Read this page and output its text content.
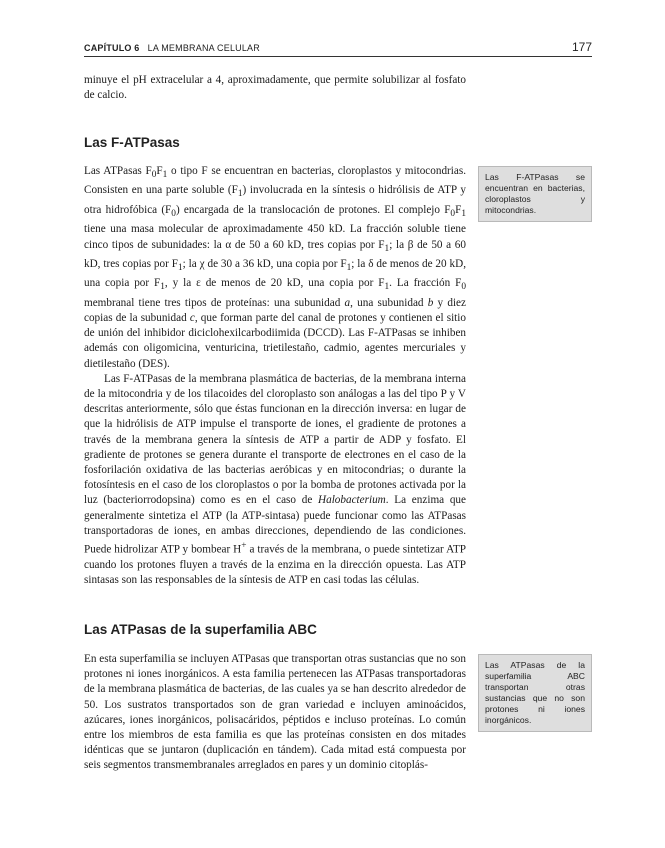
CAPÍTULO 6 LA MEMBRANA CELULAR	177

minuye el pH extracelular a 4, aproximadamente, que permite solubilizar al fosfato de calcio.

Las F-ATPasas

Las ATPasas $F_0F_1$ o tipo F se encuentran en bacterias, cloroplastos y mitocondrias. Consisten en una parte soluble $(F_1)$ involucrada en la síntesis o hidrólisis de ATP y otra hidrofóbica $(F_0)$ encargada de la translocación de protones. El complejo $F_0F_1$ tiene una masa molecular de aproximadamente 450 kD. La fracción soluble tiene cinco tipos de subunidades: la α de 50 a 60 kD, tres copias por $F_1$; la β de 50 a 60 kD, tres copias por $F_1$; la χ de 30 a 36 kD, una copia por $F_1$; la δ de menos de 20 kD, una copia por $F_1$, y la ε de menos de 20 kD, una copia por $F_1$. La fracción $F_0$ membranal tiene tres tipos de proteínas: una subunidad a, una subunidad b y diez copias de la subunidad c, que forman parte del canal de protones y contienen el sitio de unión del inhibidor diciclohexilcarbodiimida (DCCD). Las F-ATPasas se inhiben además con oligomicina, venturicina, trietilestaño, cadmio, agentes mercuriales y dietilestaño (DES).

Las F-ATPasas de la membrana plasmática de bacterias, de la membrana interna de la mitocondria y de los tilacoides del cloroplasto son análogas a las del tipo P y V descritas anteriormente, sólo que éstas funcionan en la dirección inversa: en lugar de que la hidrólisis de ATP impulse el transporte de iones, el gradiente de protones a través de la membrana genera la síntesis de ATP a partir de ADP y fosfato. El gradiente de protones se genera durante el transporte de electrones en el caso de la fosforilación oxidativa de las bacterias aeróbicas y en mitocondrias; o durante la fotosíntesis en el caso de los cloroplastos o por la bomba de protones activada por la luz (bacteriorrodopsina) como es en el caso de Halobacterium. La enzima que generalmente sintetiza el ATP (la ATP-sintasa) puede funcionar como las ATPasas transportadoras de iones, en ambas direcciones, dependiendo de las condiciones. Puede hidrolizar ATP y bombear H+ a través de la membrana, o puede sintetizar ATP cuando los protones fluyen a través de la enzima en la dirección opuesta. Las ATP sintasas son las responsables de la síntesis de ATP en casi todas las células.

Las F-ATPasas se encuentran en bacterias, cloroplastos y mitocondrias.
Las ATPasas de la superfamilia ABC

En esta superfamilia se incluyen ATPasas que transportan otras sustancias que no son protones ni iones inorgánicos. A esta familia pertenecen las ATPasas transportadoras de la membrana plasmática de bacterias, de las cuales ya se han descrito alrededor de 50. Los sustratos transportados son de gran variedad e incluyen aminoácidos, azúcares, iones inorgánicos, polisacáridos, péptidos e incluso proteínas. Lo común entre los miembros de esta familia es que las proteínas consisten en dos mitades idénticas que se juntaron (duplicación en tándem). Cada mitad está compuesta por seis segmentos transmembranales arreglados en pares y un dominio citoplás-

Las ATPasas de la superfamilia ABC transportan otras sustancias que no son protones ni iones inorgánicos.
